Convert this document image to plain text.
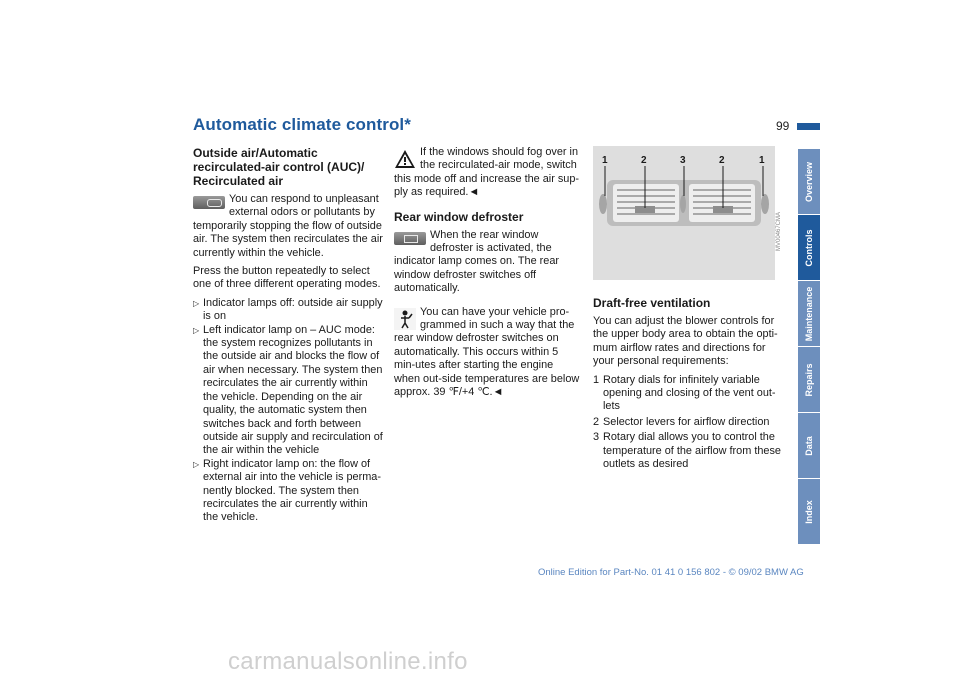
Automatic climate control*	99
Outside air/Automatic recirculated-air control (AUC)/ Recirculated air

You can respond to unpleasant external odors or pollutants by temporarily stopping the flow of outside air. The system then recirculates the air currently within the vehicle.

Press the button repeatedly to select one of three different operating modes.

▷ Indicator lamps off: outside air supply is on
▷ Left indicator lamp on – AUC mode: the system recognizes pollutants in the outside air and blocks the flow of air when necessary. The system then recirculates the air currently within the vehicle. Depending on the air quality, the automatic system then switches back and forth between outside air supply and recirculation of the air within the vehicle
▷ Right indicator lamp on: the flow of external air into the vehicle is perma-nently blocked. The system then recirculates the air currently within the vehicle.

If the windows should fog over in the recirculated-air mode, switch this mode off and increase the air sup-ply as required.◄

Rear window defroster

When the rear window defroster is activated, the indicator lamp comes on. The rear window defroster switches off automatically.

You can have your vehicle pro-grammed in such a way that the rear window defroster switches on automatically. This occurs within 5 min-utes after starting the engine when out-side temperatures are below approx. 39 ℉/+4 ℃.◄

1	2	3	2	1
MV00467CMA
Draft-free ventilation

You can adjust the blower controls for the upper body area to obtain the opti-mum airflow rates and directions for your personal requirements:

1 Rotary dials for infinitely variable opening and closing of the vent out-lets
2 Selector levers for airflow direction
3 Rotary dial allows you to control the temperature of the airflow from these outlets as desired
Overview
Controls
Maintenance
Repairs
Data
Index
Online Edition for Part-No. 01 41 0 156 802 - © 09/02 BMW AG
carmanualsonline.info
